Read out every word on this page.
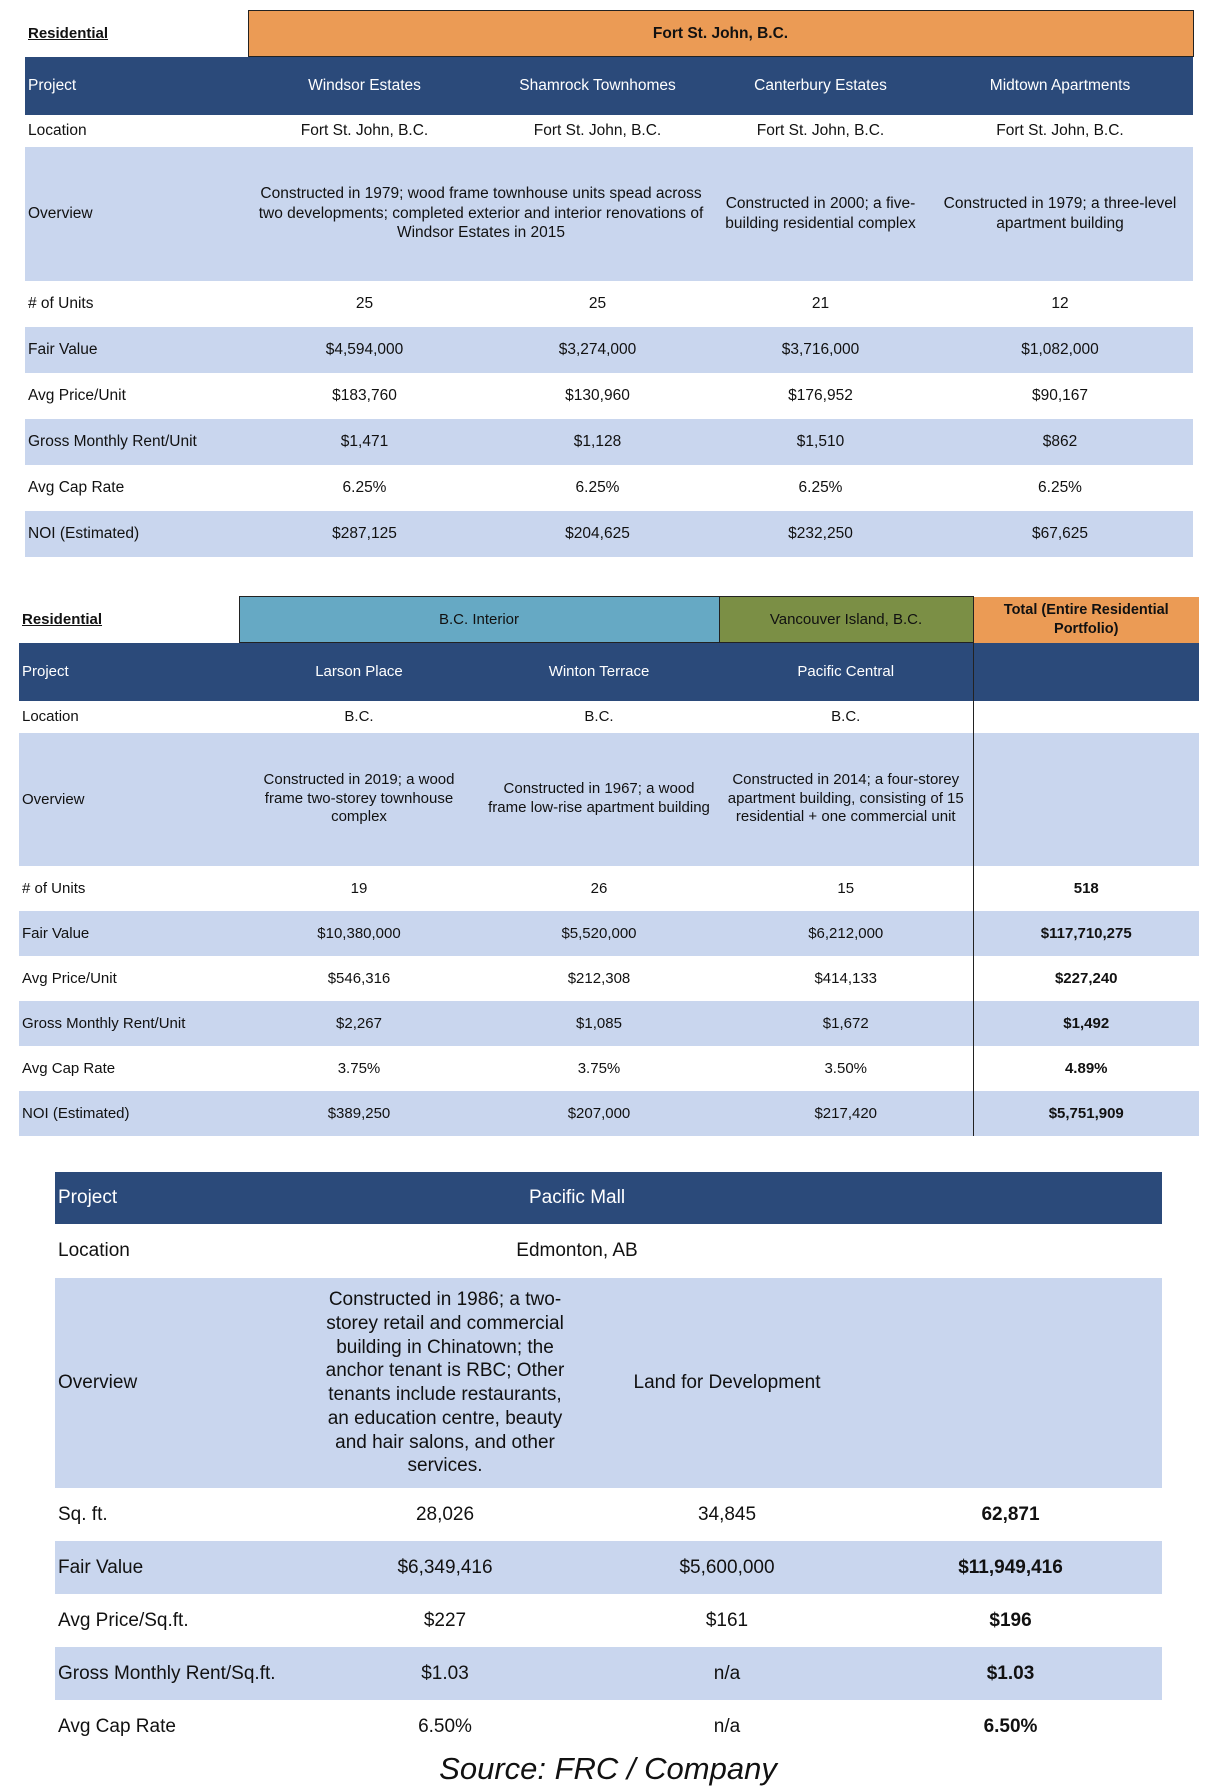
Residential	Fort St. John, B.C.			
Project	Windsor Estates	Shamrock Townhomes	Canterbury Estates	Midtown Apartments
Location	Fort St. John, B.C.	Fort St. John, B.C.	Fort St. John, B.C.	Fort St. John, B.C.
Overview	Constructed in 1979; wood frame townhouse units spead across two developments; completed exterior and interior renovations of Windsor Estates in 2015		Constructed in 2000; a five-building residential complex	Constructed in 1979; a three-level apartment building
# of Units	25	25	21	12
Fair Value	$4,594,000	$3,274,000	$3,716,000	$1,082,000
Avg Price/Unit	$183,760	$130,960	$176,952	$90,167
Gross Monthly Rent/Unit	$1,471	$1,128	$1,510	$862
Avg Cap Rate	6.25%	6.25%	6.25%	6.25%
NOI (Estimated)	$287,125	$204,625	$232,250	$67,625
Residential	B.C. Interior		Vancouver Island, B.C.	Total (Entire Residential Portfolio)
Project	Larson Place	Winton Terrace	Pacific Central	
Location	B.C.	B.C.	B.C.	
Overview	Constructed in 2019; a wood frame two-storey townhouse complex	Constructed in 1967; a wood frame low-rise apartment building	Constructed in 2014; a four-storey apartment building, consisting of 15 residential + one commercial unit	
# of Units	19	26	15	518
Fair Value	$10,380,000	$5,520,000	$6,212,000	$117,710,275
Avg Price/Unit	$546,316	$212,308	$414,133	$227,240
Gross Monthly Rent/Unit	$2,267	$1,085	$1,672	$1,492
Avg Cap Rate	3.75%	3.75%	3.50%	4.89%
NOI (Estimated)	$389,250	$207,000	$217,420	$5,751,909
Project	Pacific Mall		
Location	Edmonton, AB		
Overview	Constructed in 1986; a two-storey retail and commercial building in Chinatown; the anchor tenant is RBC; Other tenants include restaurants, an education centre, beauty and hair salons, and other services.	Land for Development	
Sq. ft.	28,026	34,845	62,871
Fair Value	$6,349,416	$5,600,000	$11,949,416
Avg Price/Sq.ft.	$227	$161	$196
Gross Monthly Rent/Sq.ft.	$1.03	n/a	$1.03
Avg Cap Rate	6.50%	n/a	6.50%
Source: FRC / Company
